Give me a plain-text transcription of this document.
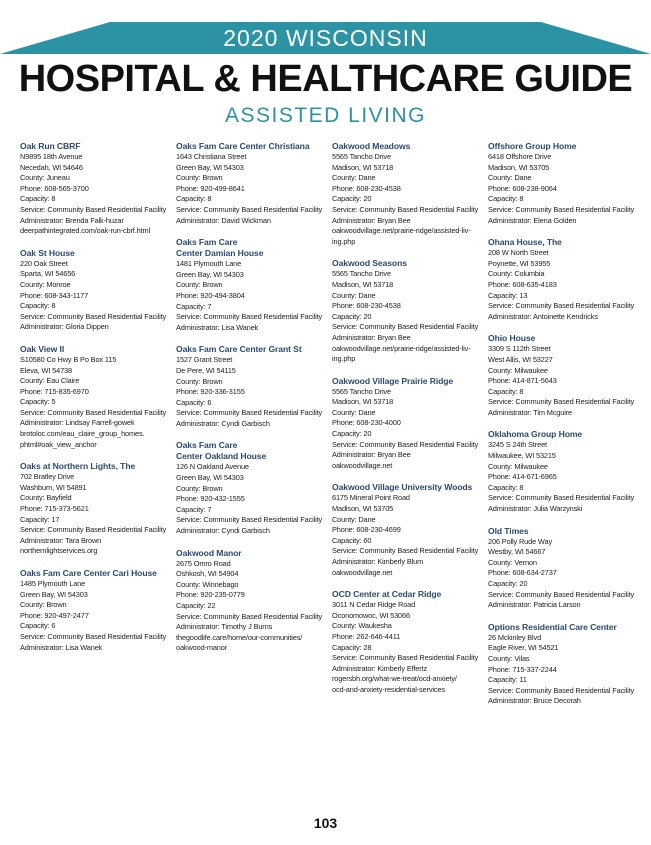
2020 WISCONSIN
HOSPITAL & HEALTHCARE GUIDE
ASSISTED LIVING
Oak Run CBRF
N9895 18th Avenue
Necedah, WI 54646
County: Juneau
Phone: 608-565-3700
Capacity: 8
Service: Community Based Residential Facility
Administrator: Brenda Falk-huzar
deerpathintegrated.com/oak-run-cbrf.html
Oak St House
220 Oak Street
Sparta, WI 54656
County: Monroe
Phone: 608-343-1177
Capacity: 8
Service: Community Based Residential Facility
Administrator: Gloria Dippen
Oak View II
S10580 Co Hwy B Po Box 115
Eleva, WI 54738
County: Eau Claire
Phone: 715-835-6970
Capacity: 5
Service: Community Based Residential Facility
Administrator: Lindsay Farrell-gowek
brotoloc.com/eau_claire_group_homes.
phtml#oak_view_anchor
Oaks at Northern Lights, The
702 Bratley Drive
Washburn, WI 54891
County: Bayfield
Phone: 715-373-5621
Capacity: 17
Service: Community Based Residential Facility
Administrator: Tara Brown
northernlightservices.org
Oaks Fam Care Center Cari House
1485 Plymouth Lane
Green Bay, WI 54303
County: Brown
Phone: 920-497-2477
Capacity: 6
Service: Community Based Residential Facility
Administrator: Lisa Wanek
Oaks Fam Care Center Christiana
1643 Christiana Street
Green Bay, WI 54303
County: Brown
Phone: 920-499-8641
Capacity: 8
Service: Community Based Residential Facility
Administrator: David Wickman
Oaks Fam Care
Center Damian House
1481 Plymouth Lane
Green Bay, WI 54303
County: Brown
Phone: 920-494-3804
Capacity: 7
Service: Community Based Residential Facility
Administrator: Lisa Wanek
Oaks Fam Care Center Grant St
1527 Grant Street
De Pere, WI 54115
County: Brown
Phone: 920-336-3155
Capacity: 6
Service: Community Based Residential Facility
Administrator: Cyndi Garbisch
Oaks Fam Care
Center Oakland House
126 N Oakland Avenue
Green Bay, WI 54303
County: Brown
Phone: 920-432-1555
Capacity: 7
Service: Community Based Residential Facility
Administrator: Cyndi Garbisch
Oakwood Manor
2675 Omro Road
Oshkosh, WI 54904
County: Winnebago
Phone: 920-235-0779
Capacity: 22
Service: Community Based Residential Facility
Administrator: Timothy J Burns
thegoodlife.care/home/our-communities/
oakwood-manor
Oakwood Meadows
5565 Tancho Drive
Madison, WI 53718
County: Dane
Phone: 608-230-4538
Capacity: 20
Service: Community Based Residential Facility
Administrator: Bryan Bee
oakwoodvillage.net/prairie-ridge/assisted-liv-
ing.php
Oakwood Seasons
5565 Tancho Drive
Madison, WI 53718
County: Dane
Phone: 608-230-4538
Capacity: 20
Service: Community Based Residential Facility
Administrator: Bryan Bee
oakwoodvillage.net/prairie-ridge/assisted-liv-
ing.php
Oakwood Village Prairie Ridge
5565 Tancho Drive
Madison, WI 53718
County: Dane
Phone: 608-230-4000
Capacity: 20
Service: Community Based Residential Facility
Administrator: Bryan Bee
oakwoodvillage.net
Oakwood Village University Woods
6175 Mineral Point Road
Madison, WI 53705
County: Dane
Phone: 608-230-4699
Capacity: 60
Service: Community Based Residential Facility
Administrator: Kimberly Blum
oakwoodvillage.net
OCD Center at Cedar Ridge
3011 N Cedar Ridge Road
Oconomowoc, WI 53066
County: Waukesha
Phone: 262-646-4411
Capacity: 28
Service: Community Based Residential Facility
Administrator: Kimberly Effertz
rogersbh.org/what-we-treat/ocd-anxiety/
ocd-and-anxiety-residential-services
Offshore Group Home
6418 Offshore Drive
Madison, WI 53705
County: Dane
Phone: 608-238-9064
Capacity: 8
Service: Community Based Residential Facility
Administrator: Elena Golden
Ohana House, The
208 W North Street
Poynette, WI 53955
County: Columbia
Phone: 608-635-4183
Capacity: 13
Service: Community Based Residential Facility
Administrator: Antoinette Kendricks
Ohio House
3309 S 112th Street
West Allis, WI 53227
County: Milwaukee
Phone: 414-871-5643
Capacity: 8
Service: Community Based Residential Facility
Administrator: Tim Mcguire
Oklahoma Group Home
3245 S 24th Street
Milwaukee, WI 53215
County: Milwaukee
Phone: 414-671-6965
Capacity: 8
Service: Community Based Residential Facility
Administrator: Julia Warzynski
Old Times
206 Polly Rude Way
Westby, WI 54667
County: Vernon
Phone: 608-634-2737
Capacity: 20
Service: Community Based Residential Facility
Administrator: Patricia Larson
Options Residential Care Center
26 Mckinley Blvd
Eagle River, WI 54521
County: Vilas
Phone: 715-337-2244
Capacity: 11
Service: Community Based Residential Facility
Administrator: Bruce Decorah
103
